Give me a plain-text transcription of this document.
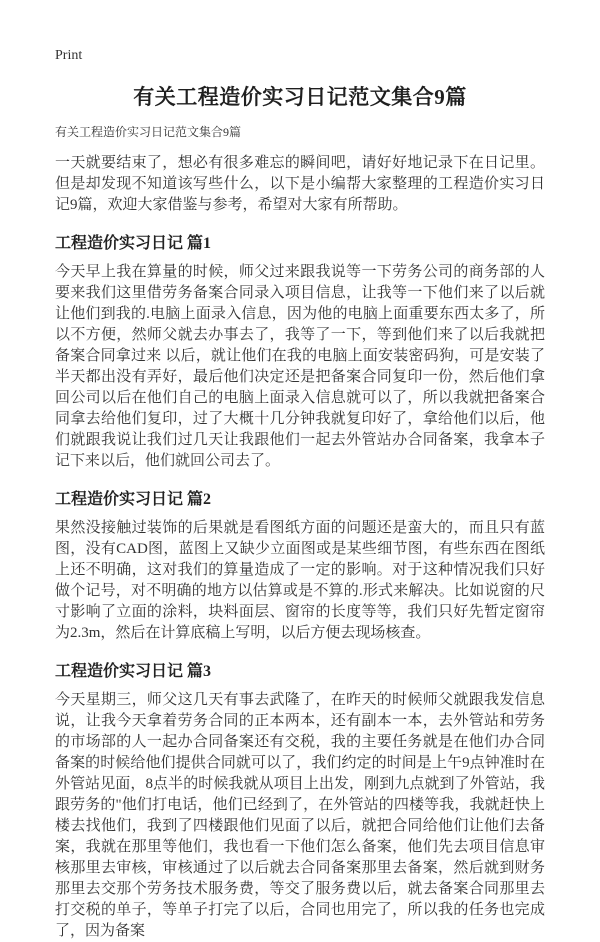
Print
有关工程造价实习日记范文集合9篇

有关工程造价实习日记范文集合9篇

一天就要结束了，想必有很多难忘的瞬间吧，请好好地记录下在日记里。但是却发现不知道该写些什么，以下是小编帮大家整理的工程造价实习日记9篇，欢迎大家借鉴与参考，希望对大家有所帮助。

工程造价实习日记 篇1

今天早上我在算量的时候，师父过来跟我说等一下劳务公司的商务部的人要来我们这里借劳务备案合同录入项目信息，让我等一下他们来了以后就让他们到我的.电脑上面录入信息，因为他的电脑上面重要东西太多了，所以不方便，然师父就去办事去了，我等了一下，等到他们来了以后我就把备案合同拿过来 以后，就让他们在我的电脑上面安装密码狗，可是安装了半天都出没有弄好，最后他们决定还是把备案合同复印一份，然后他们拿回公司以后在他们自己的电脑上面录入信息就可以了，所以我就把备案合同拿去给他们复印，过了大概十几分钟我就复印好了，拿给他们以后，他们就跟我说让我们过几天让我跟他们一起去外管站办合同备案，我拿本子记下来以后，他们就回公司去了。

工程造价实习日记 篇2

果然没接触过装饰的后果就是看图纸方面的问题还是蛮大的，而且只有蓝图，没有CAD图，蓝图上又缺少立面图或是某些细节图，有些东西在图纸上还不明确，这对我们的算量造成了一定的影响。对于这种情况我们只好做个记号，对不明确的地方以估算或是不算的.形式来解决。比如说窗的尺寸影响了立面的涂料，块料面层、窗帘的长度等等，我们只好先暂定窗帘为2.3m，然后在计算底稿上写明，以后方便去现场核查。

工程造价实习日记 篇3

今天星期三，师父这几天有事去武隆了，在昨天的时候师父就跟我发信息说，让我今天拿着劳务合同的正本两本，还有副本一本，去外管站和劳务的市场部的人一起办合同备案还有交税，我的主要任务就是在他们办合同备案的时候给他们提供合同就可以了，我们约定的时间是上午9点钟准时在外管站见面，8点半的时候我就从项目上出发，刚到九点就到了外管站，我跟劳务的"他们打电话，他们已经到了，在外管站的四楼等我，我就赶快上楼去找他们，我到了四楼跟他们见面了以后，就把合同给他们让他们去备案，我就在那里等他们，我也看一下他们怎么备案，他们先去项目信息审核那里去审核，审核通过了以后就去合同备案那里去备案，然后就到财务那里去交那个劳务技术服务费，等交了服务费以后，就去备案合同那里去打交税的单子，等单子打完了以后，合同也用完了，所以我的任务也完成了，因为备案
